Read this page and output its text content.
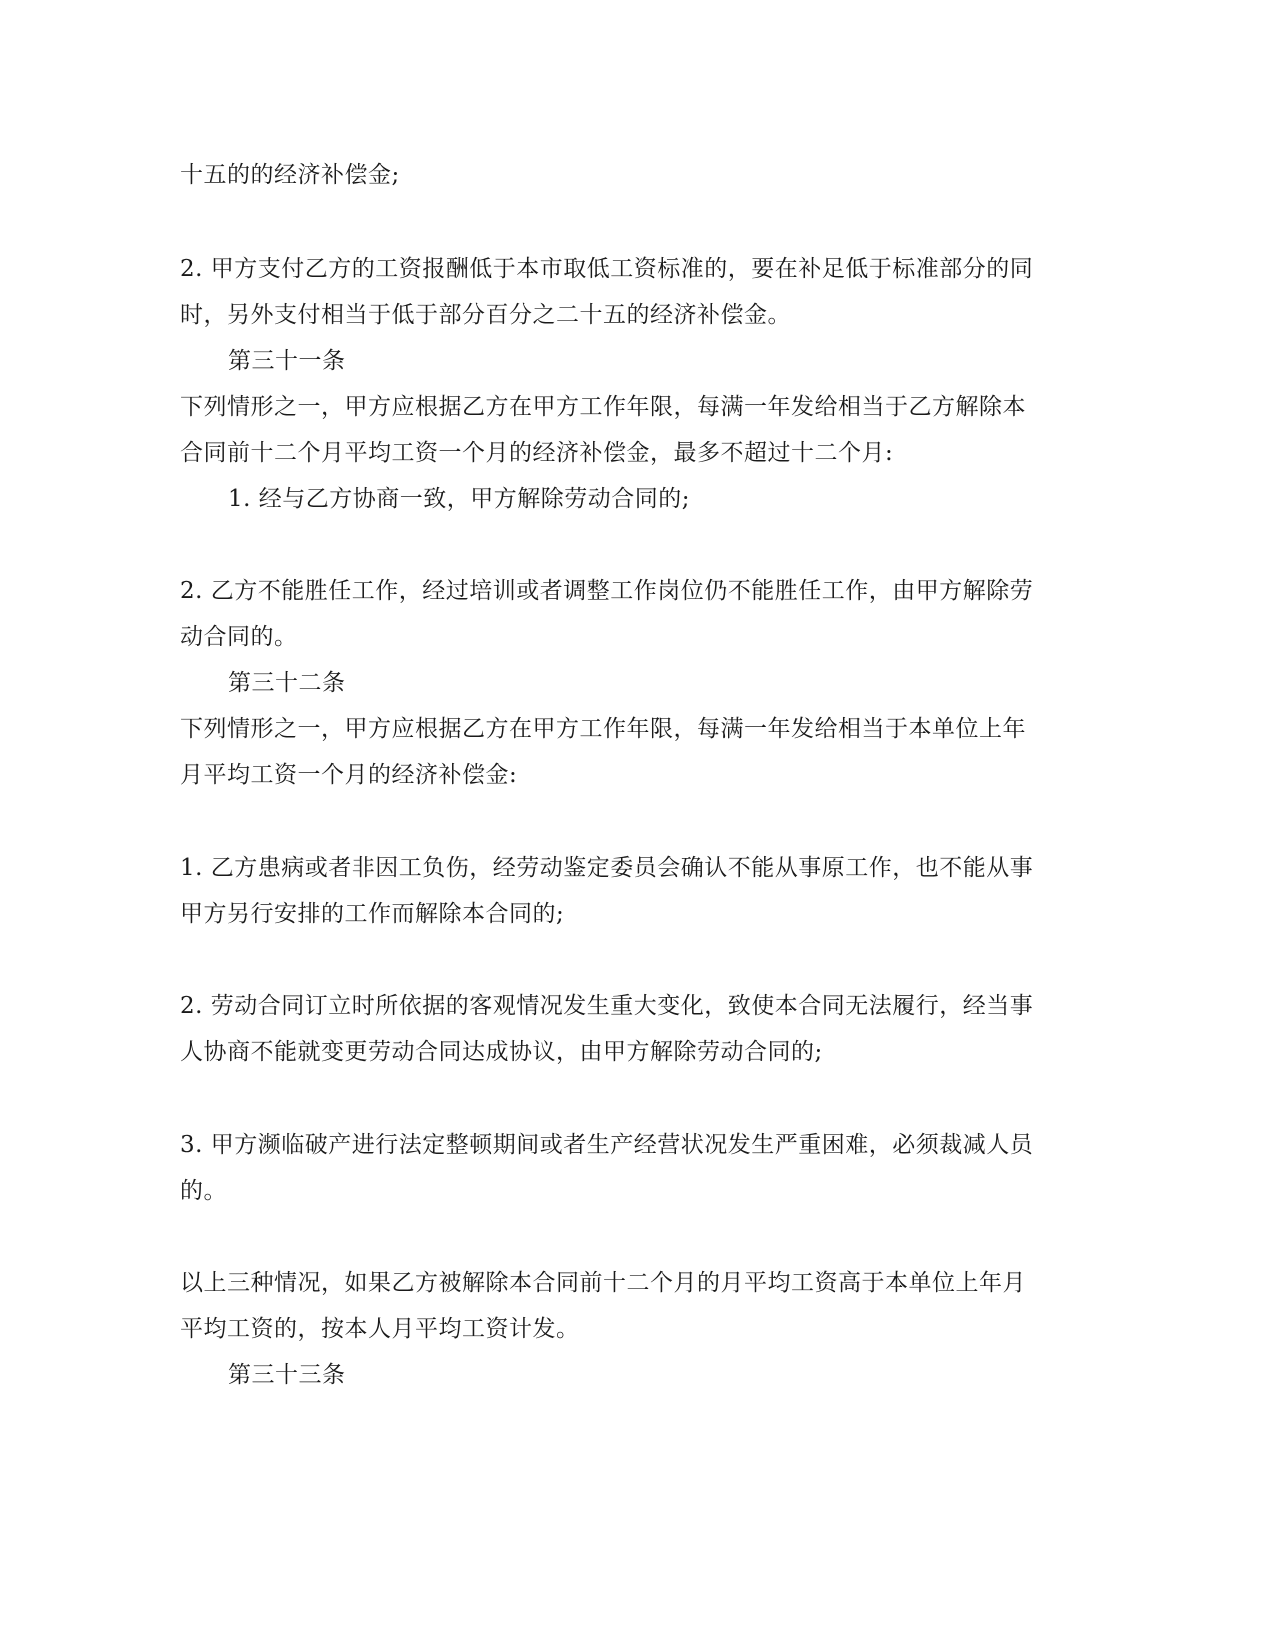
十五的的经济补偿金;
2. 甲方支付乙方的工资报酬低于本市取低工资标准的，要在补足低于标准部分的同
时，另外支付相当于低于部分百分之二十五的经济补偿金。
第三十一条
下列情形之一，甲方应根据乙方在甲方工作年限，每满一年发给相当于乙方解除本
合同前十二个月平均工资一个月的经济补偿金，最多不超过十二个月:
1. 经与乙方协商一致，甲方解除劳动合同的;
2. 乙方不能胜任工作，经过培训或者调整工作岗位仍不能胜任工作，由甲方解除劳
动合同的。
第三十二条
下列情形之一，甲方应根据乙方在甲方工作年限，每满一年发给相当于本单位上年
月平均工资一个月的经济补偿金:
1. 乙方患病或者非因工负伤，经劳动鉴定委员会确认不能从事原工作，也不能从事
甲方另行安排的工作而解除本合同的;
2. 劳动合同订立时所依据的客观情况发生重大变化，致使本合同无法履行，经当事
人协商不能就变更劳动合同达成协议，由甲方解除劳动合同的;
3. 甲方濒临破产进行法定整顿期间或者生产经营状况发生严重困难，必须裁减人员
的。
以上三种情况，如果乙方被解除本合同前十二个月的月平均工资高于本单位上年月
平均工资的，按本人月平均工资计发。
第三十三条
